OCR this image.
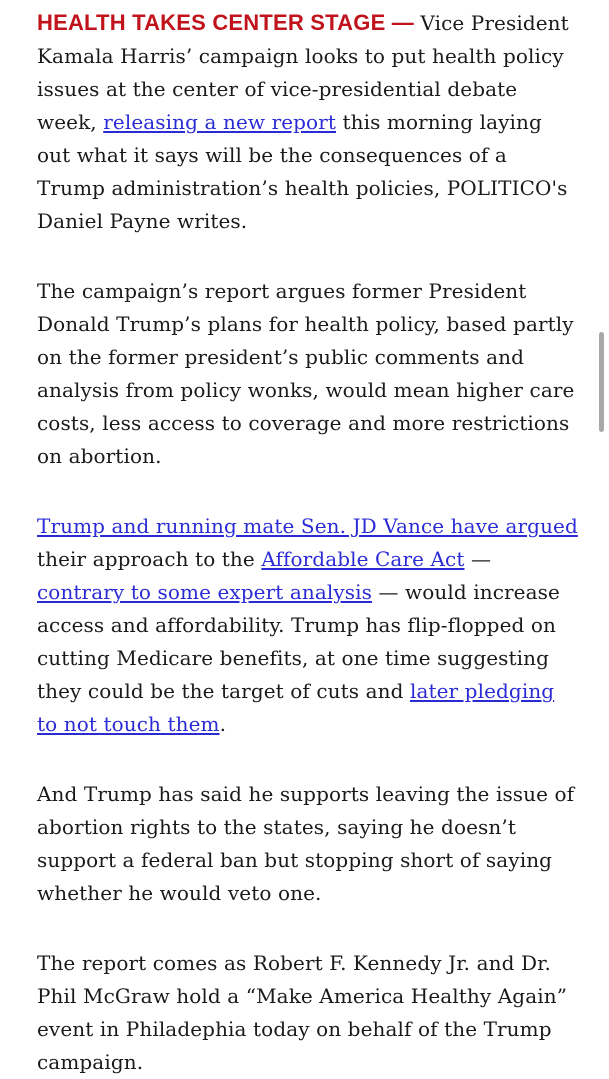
HEALTH TAKES CENTER STAGE — Vice President Kamala Harris’ campaign looks to put health policy issues at the center of vice-presidential debate week, releasing a new report this morning laying out what it says will be the consequences of a Trump administration’s health policies, POLITICO's Daniel Payne writes.

The campaign’s report argues former President Donald Trump’s plans for health policy, based partly on the former president’s public comments and analysis from policy wonks, would mean higher care costs, less access to coverage and more restrictions on abortion.

Trump and running mate Sen. JD Vance have argued their approach to the Affordable Care Act — contrary to some expert analysis — would increase access and affordability. Trump has flip-flopped on cutting Medicare benefits, at one time suggesting they could be the target of cuts and later pledging to not touch them.

And Trump has said he supports leaving the issue of abortion rights to the states, saying he doesn’t support a federal ban but stopping short of saying whether he would veto one.

The report comes as Robert F. Kennedy Jr. and Dr. Phil McGraw hold a “Make America Healthy Again” event in Philadephia today on behalf of the Trump campaign.
